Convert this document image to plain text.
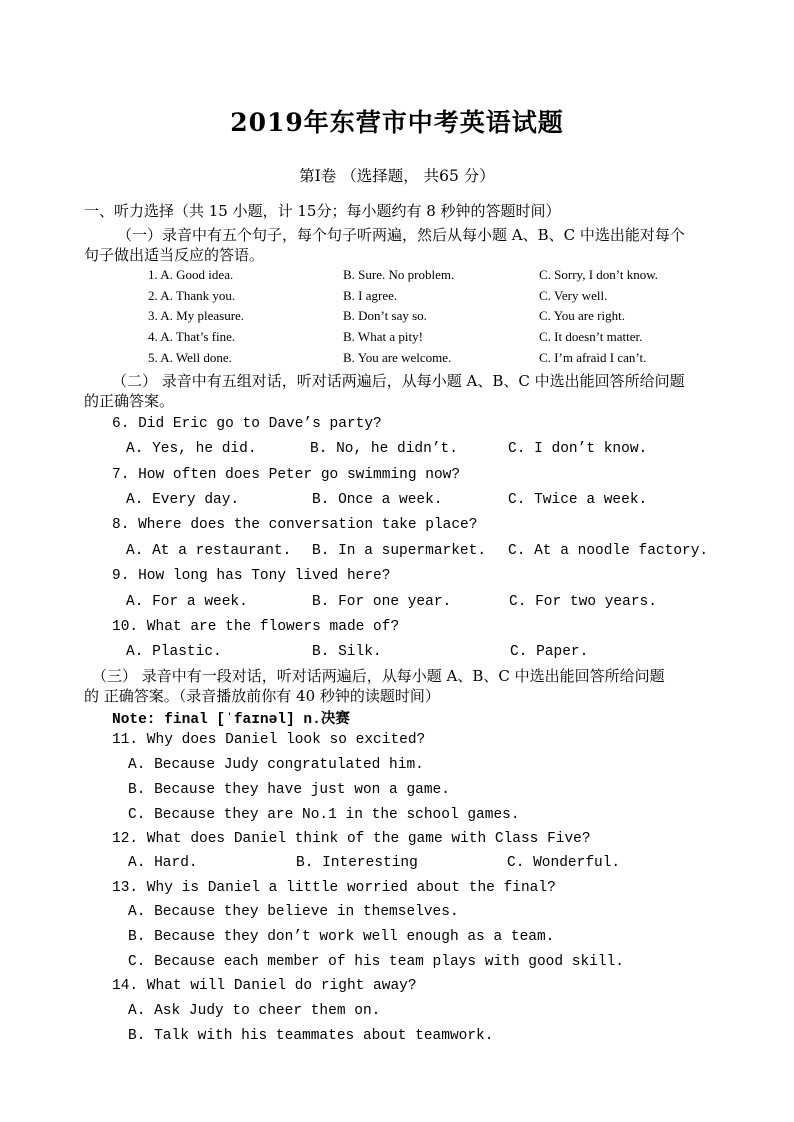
2019年东营市中考英语试题
第Ⅰ卷 （选择题， 共65 分）
一、听力选择（共 15 小题，计 15分；每小题约有 8 秒钟的答题时间）
（一）录音中有五个句子，每个句子听两遍，然后从每小题 A、B、C 中选出能对每个
句子做出适当反应的答语。
1. A. Good idea.	B. Sure. No problem.	C. Sorry, I don’t know.
2. A. Thank you.	B. I agree.	C. Very well.
3. A. My pleasure.	B. Don’t say so.	C. You are right.
4. A. That’s fine.	B. What a pity!	C. It doesn’t matter.
5. A. Well done.	B. You are welcome.	C. I’m afraid I can’t.
（二） 录音中有五组对话，听对话两遍后，从每小题 A、B、C 中选出能回答所给问题
的正确答案。
6. Did Eric go to Dave’s party?
A. Yes, he did.	B. No, he didn’t.	C. I don’t know.
7. How often does Peter go swimming now?
A. Every day.	B. Once a week.	C. Twice a week.
8. Where does the conversation take place?
A. At a restaurant. B. In a supermarket. C. At a noodle factory.
9. How long has Tony lived here?
A. For a week.	B. For one year.	C. For two years.
10. What are the flowers made of?
A. Plastic.	B. Silk.	C. Paper.
（三） 录音中有一段对话，听对话两遍后，从每小题 A、B、C 中选出能回答所给问题
的 正确答案。（录音播放前你有 40 秒钟的读题时间）
Note: final [ˈfaɪnəl] n.决赛
11. Why does Daniel look so excited?
A. Because Judy congratulated him.
B. Because they have just won a game.
C. Because they are No.1 in the school games.
12. What does Daniel think of the game with Class Five?
A. Hard.	B. Interesting	C. Wonderful.
13. Why is Daniel a little worried about the final?
A. Because they believe in themselves.
B. Because they don’t work well enough as a team.
C. Because each member of his team plays with good skill.
14. What will Daniel do right away?
A. Ask Judy to cheer them on.
B. Talk with his teammates about teamwork.
